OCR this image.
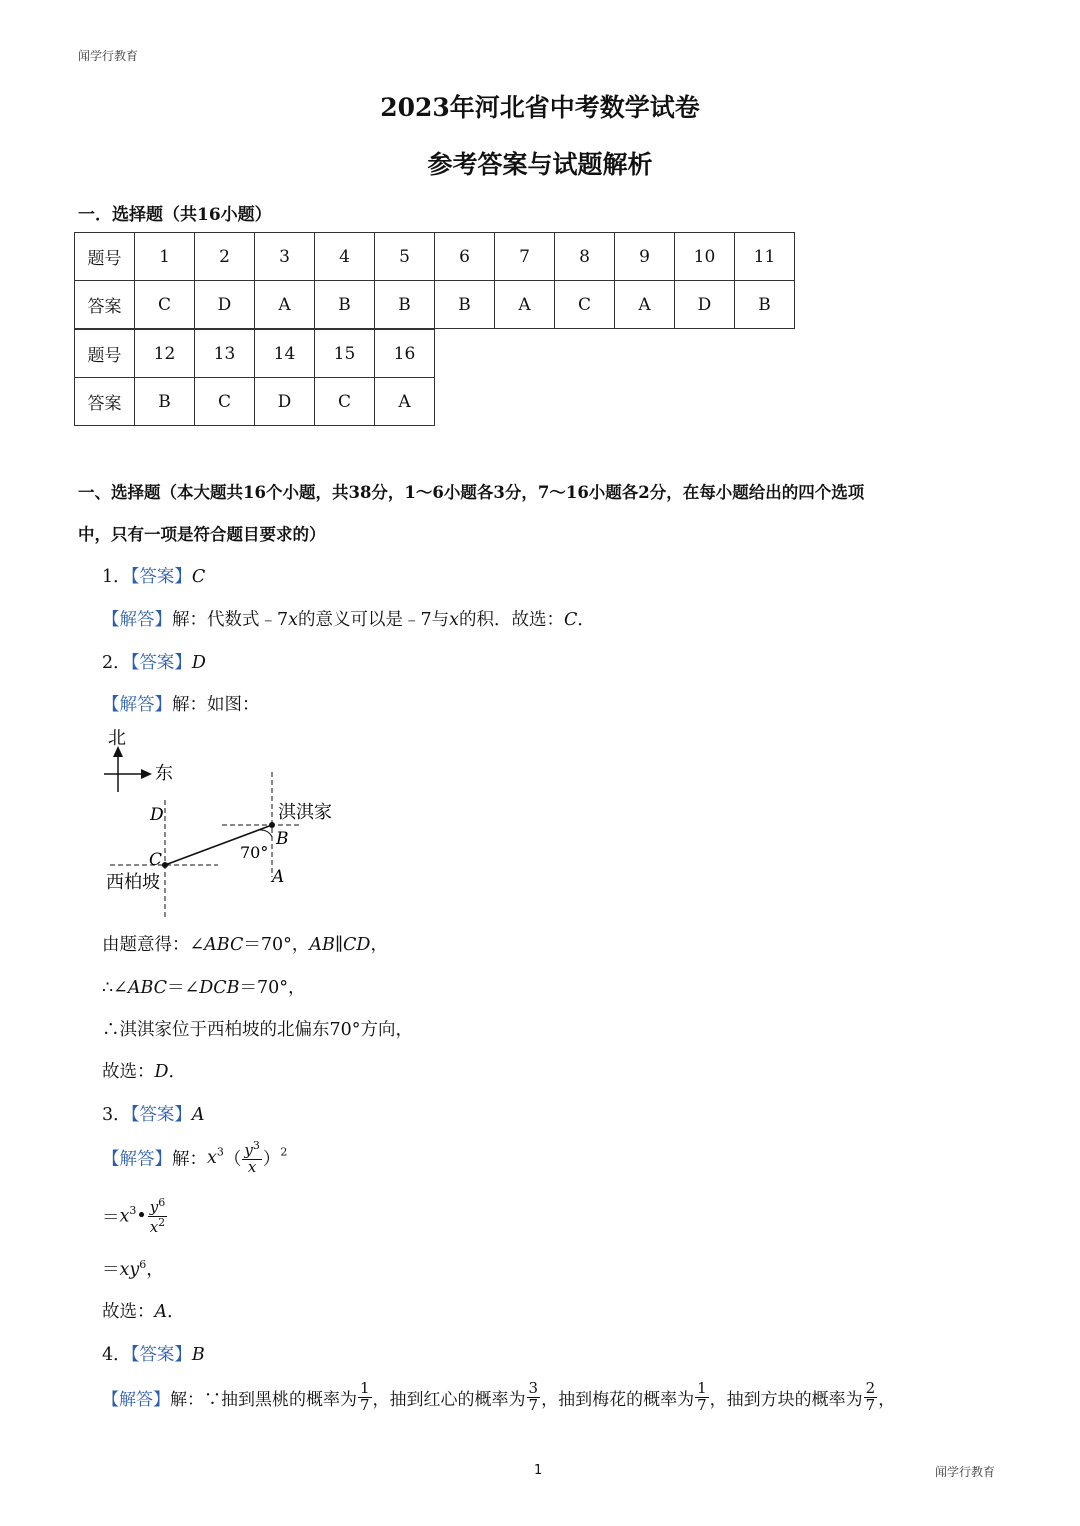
闻学行教育
闻学行教育
1
2023年河北省中考数学试卷
参考答案与试题解析
一．选择题（共16小题）
题号	1	2	3	4	5	6	7	8	9	10	11
答案	C	D	A	B	B	B	A	C	A	D	B
题号	12	13	14	15	16
答案	B	C	D	C	A
一、选择题（本大题共16个小题，共38分，1～6小题各3分，7～16小题各2分，在每小题给出的四个选项
中，只有一项是符合题目要求的）
1．【答案】C
【解答】解：代数式﹣7x的意义可以是﹣7与x的积．故选：C．
2．【答案】D
【解答】解：如图：
北
东
D
B
C
A
70°
淇淇家
西柏坡
由题意得：∠ABC＝70°，AB∥CD，
∴∠ABC＝∠DCB＝70°，
∴淇淇家位于西柏坡的北偏东70°方向，
故选：D．
3．【答案】A
【解答】解：$x^3( \frac{y^3}{x} )^2$
$=x^3• \frac{y^6}{x^2}$
$=xy^6$，
故选：A．
4．【答案】B
【解答】解：∵抽到黑桃的概率为 $\frac{1}{7}$ ，抽到红心的概率为 $\frac{3}{7}$ ，抽到梅花的概率为 $\frac{1}{7}$ ，抽到方块的概率为 $\frac{2}{7}$ ，
